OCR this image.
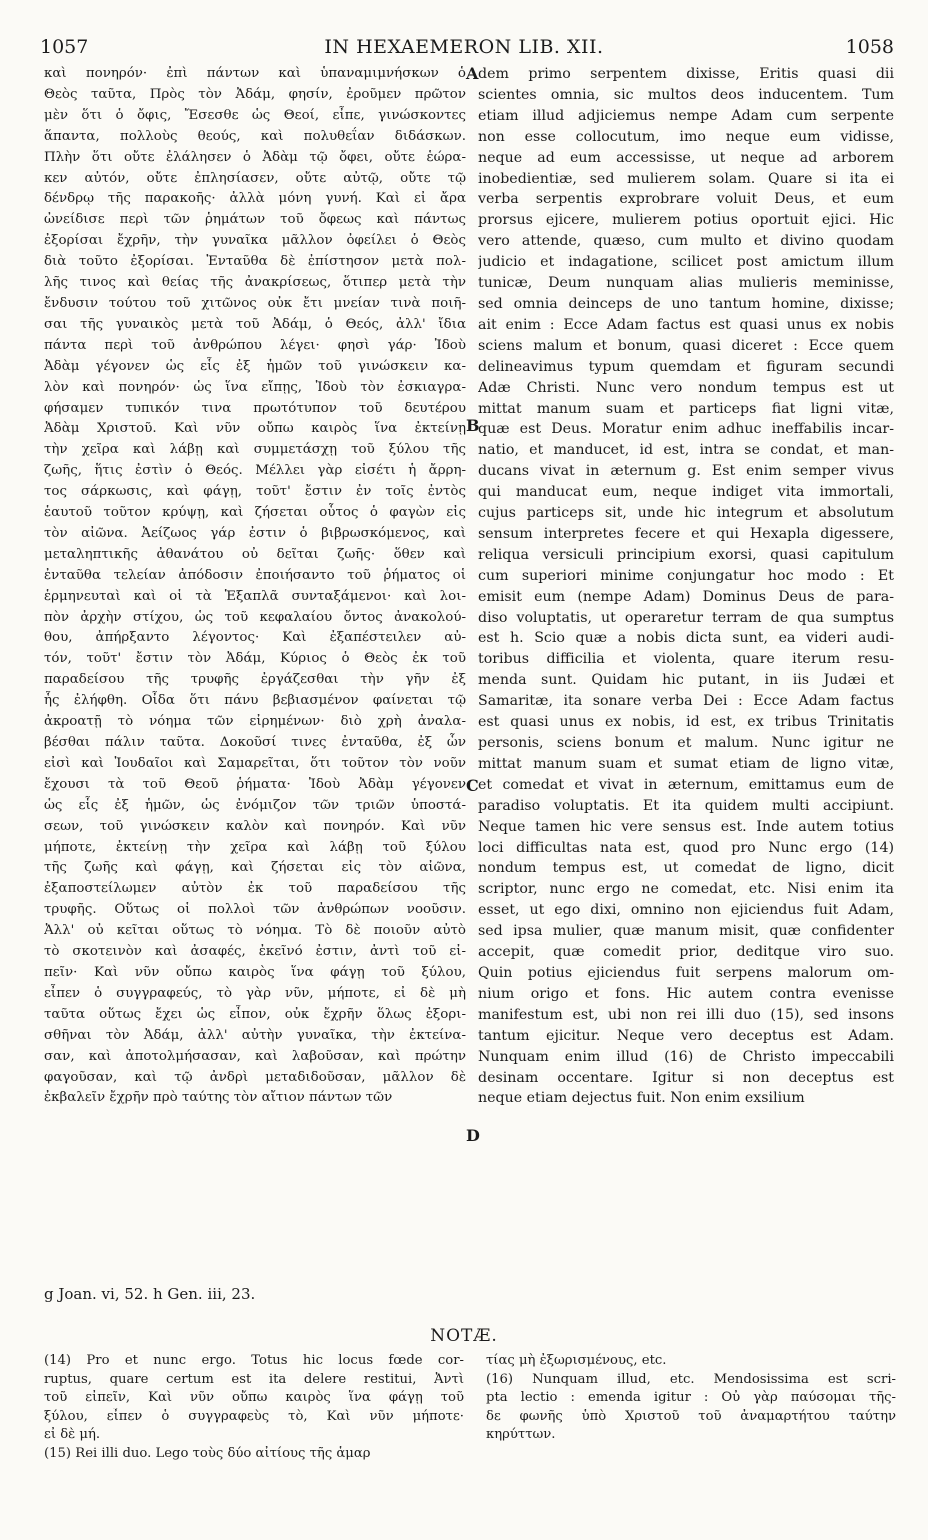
1057	IN HEXAEMERON LIB. XII.	1058
καὶ πονηρόν· ἐπὶ πάντων καὶ ὑπαναμιμνήσκων ὁ
Θεὸς ταῦτα, Πρὸς τὸν Ἀδάμ, φησίν, ἐροῦμεν πρῶτον
μὲν ὅτι ὁ ὄφις, Ἔσεσθε ὡς Θεοί, εἶπε, γινώσκοντες
ἅπαντα, πολλοὺς θεούς, καὶ πολυθεΐαν διδάσκων.
Πλὴν ὅτι οὔτε ἐλάλησεν ὁ Ἀδὰμ τῷ ὄφει, οὔτε ἑώρα-
κεν αὐτόν, οὔτε ἐπλησίασεν, οὔτε αὐτῷ, οὔτε τῷ
δένδρῳ τῆς παρακοῆς· ἀλλὰ μόνη γυνή. Καὶ εἰ ἄρα
ὠνείδισε περὶ τῶν ῥημάτων τοῦ ὄφεως καὶ πάντως
ἐξορίσαι ἔχρῆν, τὴν γυναῖκα μᾶλλον ὀφείλει ὁ Θεὸς
διὰ τοῦτο ἐξορίσαι. Ἐνταῦθα δὲ ἐπίστησον μετὰ πολ-
λῆς τινος καὶ θείας τῆς ἀνακρίσεως, ὅτιπερ μετὰ τὴν
ἔνδυσιν τούτου τοῦ χιτῶνος οὐκ ἔτι μνείαν τινὰ ποιῆ-
σαι τῆς γυναικὸς μετὰ τοῦ Ἀδάμ, ὁ Θεός, ἀλλ' ἴδια
πάντα περὶ τοῦ ἀνθρώπου λέγει· φησὶ γάρ· Ἰδοὺ
Ἀδὰμ γέγονεν ὡς εἷς ἐξ ἡμῶν τοῦ γινώσκειν κα-
λὸν καὶ πονηρόν· ὡς ἵνα εἴπῃς, Ἰδοὺ τὸν ἐσκιαγρα-
φήσαμεν τυπικόν τινα πρωτότυπον τοῦ δευτέρου
Ἀδὰμ Χριστοῦ. Καὶ νῦν οὔπω καιρὸς ἵνα ἐκτείνῃ
τὴν χεῖρα καὶ λάβῃ καὶ συμμετάσχῃ τοῦ ξύλου τῆς
ζωῆς, ἥτις ἐστὶν ὁ Θεός. Μέλλει γὰρ εἰσέτι ἡ ἄρρη-
τος σάρκωσις, καὶ φάγῃ, τοῦτ' ἔστιν ἐν τοῖς ἐντὸς
ἑαυτοῦ τοῦτον κρύψῃ, καὶ ζήσεται οὗτος ὁ φαγὼν εἰς
τὸν αἰῶνα. Ἀείζωος γάρ ἐστιν ὁ βιβρωσκόμενος, καὶ
μεταληπτικῆς ἀθανάτου οὐ δεῖται ζωῆς· ὅθεν καὶ
ἐνταῦθα τελείαν ἀπόδοσιν ἐποιήσαντο τοῦ ῥήματος οἱ
ἑρμηνευταὶ καὶ οἱ τὰ Ἑξαπλᾶ συνταξάμενοι· καὶ λοι-
πὸν ἀρχὴν στίχου, ὡς τοῦ κεφαλαίου ὄντος ἀνακολού-
θου, ἀπήρξαντο λέγοντος· Καὶ ἐξαπέστειλεν αὐ-
τόν, τοῦτ' ἔστιν τὸν Ἀδάμ, Κύριος ὁ Θεὸς ἐκ τοῦ
παραδείσου τῆς τρυφῆς ἐργάζεσθαι τὴν γῆν ἐξ
ἧς ἐλήφθη. Οἶδα ὅτι πάνυ βεβιασμένον φαίνεται τῷ
ἀκροατῇ τὸ νόημα τῶν εἰρημένων· διὸ χρὴ ἀναλα-
βέσθαι πάλιν ταῦτα. Δοκοῦσί τινες ἐνταῦθα, ἐξ ὧν
εἰσὶ καὶ Ἰουδαῖοι καὶ Σαμαρεῖται, ὅτι τοῦτον τὸν νοῦν
ἔχουσι τὰ τοῦ Θεοῦ ῥήματα· Ἰδοὺ Ἀδὰμ γέγονεν
ὡς εἷς ἐξ ἡμῶν, ὡς ἐνόμιζον τῶν τριῶν ὑποστά-
σεων, τοῦ γινώσκειν καλὸν καὶ πονηρόν. Καὶ νῦν
μήποτε, ἐκτείνῃ τὴν χεῖρα καὶ λάβῃ τοῦ ξύλου
τῆς ζωῆς καὶ φάγῃ, καὶ ζήσεται εἰς τὸν αἰῶνα,
ἐξαποστείλωμεν αὐτὸν ἐκ τοῦ παραδείσου τῆς
τρυφῆς. Οὕτως οἱ πολλοὶ τῶν ἀνθρώπων νοοῦσιν.
Ἀλλ' οὐ κεῖται οὕτως τὸ νόημα. Τὸ δὲ ποιοῦν αὐτὸ
τὸ σκοτεινὸν καὶ ἀσαφές, ἐκεῖνό ἐστιν, ἀντὶ τοῦ εἰ-
πεῖν· Καὶ νῦν οὔπω καιρὸς ἵνα φάγῃ τοῦ ξύλου,
εἶπεν ὁ συγγραφεύς, τὸ γὰρ νῦν, μήποτε, εἰ δὲ μὴ
ταῦτα οὕτως ἔχει ὡς εἶπον, οὐκ ἔχρῆν ὅλως ἐξορι-
σθῆναι τὸν Ἀδάμ, ἀλλ' αὐτὴν γυναῖκα, τὴν ἐκτείνα-
σαν, καὶ ἀποτολμήσασαν, καὶ λαβοῦσαν, καὶ πρώτην
φαγοῦσαν, καὶ τῷ ἀνδρὶ μεταδιδοῦσαν, μᾶλλον δὲ
ἐκβαλεῖν ἔχρῆν πρὸ ταύτης τὸν αἴτιον πάντων τῶν
dem primo serpentem dixisse, Eritis quasi dii
scientes omnia, sic multos deos inducentem. Tum
etiam illud adjiciemus nempe Adam cum serpente
non esse collocutum, imo neque eum vidisse,
neque ad eum accessisse, ut neque ad arborem
inobedientiæ, sed mulierem solam. Quare si ita ei
verba serpentis exprobrare voluit Deus, et eum
prorsus ejicere, mulierem potius oportuit ejici. Hic
vero attende, quæso, cum multo et divino quodam
judicio et indagatione, scilicet post amictum illum
tunicæ, Deum nunquam alias mulieris meminisse,
sed omnia deinceps de uno tantum homine, dixisse;
ait enim : Ecce Adam factus est quasi unus ex nobis
sciens malum et bonum, quasi diceret : Ecce quem
delineavimus typum quemdam et figuram secundi
Adæ Christi. Nunc vero nondum tempus est ut
mittat manum suam et particeps fiat ligni vitæ,
quæ est Deus. Moratur enim adhuc ineffabilis incar-
natio, et manducet, id est, intra se condat, et man-
ducans vivat in æternum g. Est enim semper vivus
qui manducat eum, neque indiget vita immortali,
cujus particeps sit, unde hic integrum et absolutum
sensum interpretes fecere et qui Hexapla digessere,
reliqua versiculi principium exorsi, quasi capitulum
cum superiori minime conjungatur hoc modo : Et
emisit eum (nempe Adam) Dominus Deus de para-
diso voluptatis, ut operaretur terram de qua sumptus
est h. Scio quæ a nobis dicta sunt, ea videri audi-
toribus difficilia et violenta, quare iterum resu-
menda sunt. Quidam hic putant, in iis Judæi et
Samaritæ, ita sonare verba Dei : Ecce Adam factus
est quasi unus ex nobis, id est, ex tribus Trinitatis
personis, sciens bonum et malum. Nunc igitur ne
mittat manum suam et sumat etiam de ligno vitæ,
et comedat et vivat in æternum, emittamus eum de
paradiso voluptatis. Et ita quidem multi accipiunt.
Neque tamen hic vere sensus est. Inde autem totius
loci difficultas nata est, quod pro Nunc ergo (14)
nondum tempus est, ut comedat de ligno, dicit
scriptor, nunc ergo ne comedat, etc. Nisi enim ita
esset, ut ego dixi, omnino non ejiciendus fuit Adam,
sed ipsa mulier, quæ manum misit, quæ confidenter
accepit, quæ comedit prior, deditque viro suo.
Quin potius ejiciendus fuit serpens malorum om-
nium origo et fons. Hic autem contra evenisse
manifestum est, ubi non rei illi duo (15), sed insons
tantum ejicitur. Neque vero deceptus est Adam.
Nunquam enim illud (16) de Christo impeccabili
desinam occentare. Igitur si non deceptus est
neque etiam dejectus fuit. Non enim exsilium
A
B
C
D
g Joan. vi, 52. h Gen. iii, 23.
NOTÆ.
(14) Pro et nunc ergo. Totus hic locus fœde cor-
ruptus, quare certum est ita delere restitui, Ἀντὶ
τοῦ εἰπεῖν, Καὶ νῦν οὔπω καιρὸς ἵνα φάγῃ τοῦ
ξύλου, εἶπεν ὁ συγγραφεὺς τὸ, Καὶ νῦν μήποτε·
εἰ δὲ μή.
(15) Rei illi duo. Lego τοὺς δύο αἰτίους τῆς ἁμαρ
τίας μὴ ἐξωρισμένους, etc.
(16) Nunquam illud, etc. Mendosissima est scri-
pta lectio : emenda igitur : Οὐ γὰρ παύσομαι τῆς-
δε φωνῆς ὑπὸ Χριστοῦ τοῦ ἀναμαρτήτου ταύτην
κηρύττων.
